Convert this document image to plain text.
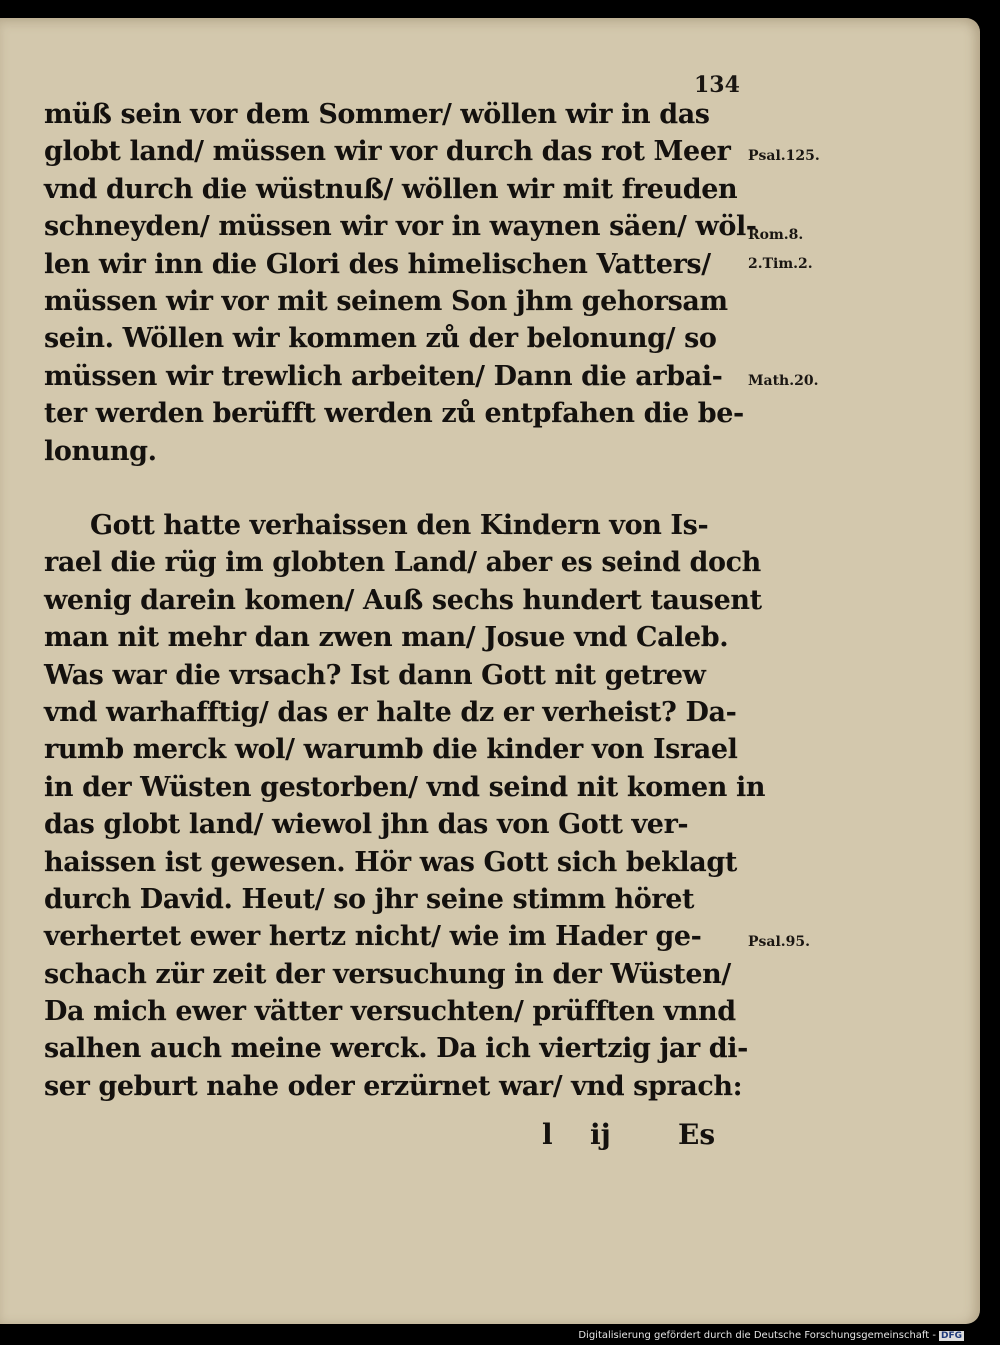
134
müß sein vor dem Sommer/ wöllen wir in das
globt land/ müssen wir vor durch das rot Meer
vnd durch die wüstnuß/ wöllen wir mit freuden
schneyden/ müssen wir vor in waynen säen/ wöl-
len wir inn die Glori des himelischen Vatters/
müssen wir vor mit seinem Son jhm gehorsam
sein. Wöllen wir kommen zů der belonung/ so
müssen wir trewlich arbeiten/ Dann die arbai-
ter werden berüfft werden zů entpfahen die be-
lonung.
Gott hatte verhaissen den Kindern von Is-
rael die rüg im globten Land/ aber es seind doch
wenig darein komen/ Auß sechs hundert tausent
man nit mehr dan zwen man/ Josue vnd Caleb.
Was war die vrsach? Ist dann Gott nit getrew
vnd warhafftig/ das er halte dz er verheist? Da-
rumb merck wol/ warumb die kinder von Israel
in der Wüsten gestorben/ vnd seind nit komen in
das globt land/ wiewol jhn das von Gott ver-
haissen ist gewesen. Hör was Gott sich beklagt
durch David. Heut/ so jhr seine stimm höret
verhertet ewer hertz nicht/ wie im Hader ge-
schach zür zeit der versuchung in der Wüsten/
Da mich ewer vätter versuchten/ prüfften vnnd
salhen auch meine werck. Da ich viertzig jar di-
ser geburt nahe oder erzürnet war/ vnd sprach:
l ij Es
Psal.125.
Rom.8.
2.Tim.2.
Math.20.
Psal.95.
Digitalisierung gefördert durch die Deutsche Forschungsgemeinschaft - DFG
